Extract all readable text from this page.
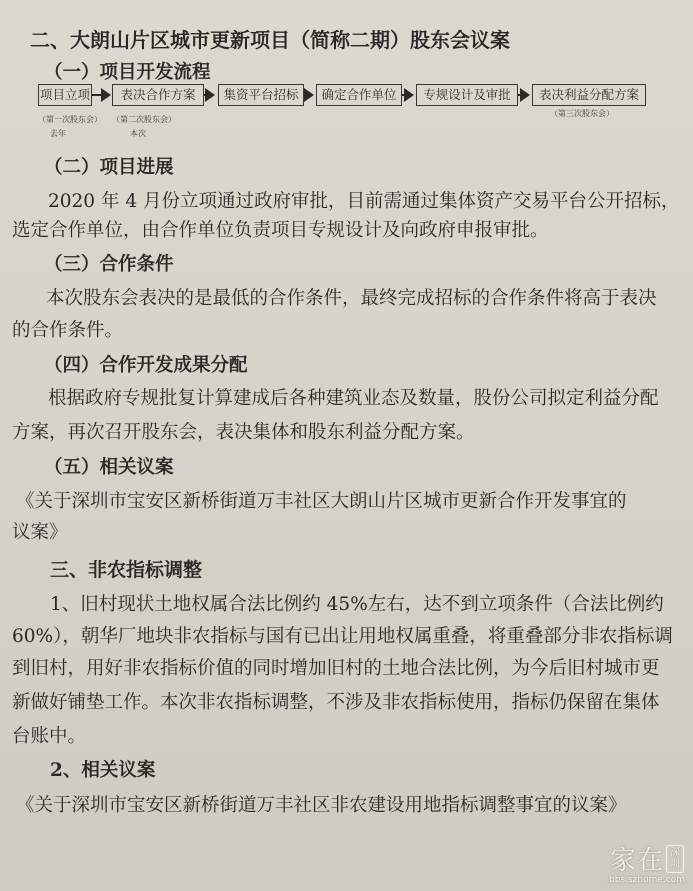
二、大朗山片区城市更新项目（简称二期）股东会议案
（一）项目开发流程
项目立项	表决合作方案	集资平台招标	确定合作单位	专规设计及审批	表决利益分配方案
（第一次股东会）
去年
（第二次股东会）
本次
（第三次股东会）
（二）项目进展
2020 年 4 月份立项通过政府审批，目前需通过集体资产交易平台公开招标，
选定合作单位，由合作单位负责项目专规设计及向政府申报审批。
（三）合作条件
本次股东会表决的是最低的合作条件，最终完成招标的合作条件将高于表决
的合作条件。
（四）合作开发成果分配
根据政府专规批复计算建成后各种建筑业态及数量，股份公司拟定利益分配
方案，再次召开股东会，表决集体和股东利益分配方案。
（五）相关议案
《关于深圳市宝安区新桥街道万丰社区大朗山片区城市更新合作开发事宜的
议案》
三、非农指标调整
1、旧村现状土地权属合法比例约 45%左右，达不到立项条件（合法比例约
60%），朝华厂地块非农指标与国有已出让用地权属重叠，将重叠部分非农指标调
到旧村，用好非农指标价值的同时增加旧村的土地合法比例，为今后旧村城市更
新做好铺垫工作。本次非农指标调整，不涉及非农指标使用，指标仍保留在集体
台账中。
2、相关议案
《关于深圳市宝安区新桥街道万丰社区非农建设用地指标调整事宜的议案》
家在 深圳
bbs.szhome.com
